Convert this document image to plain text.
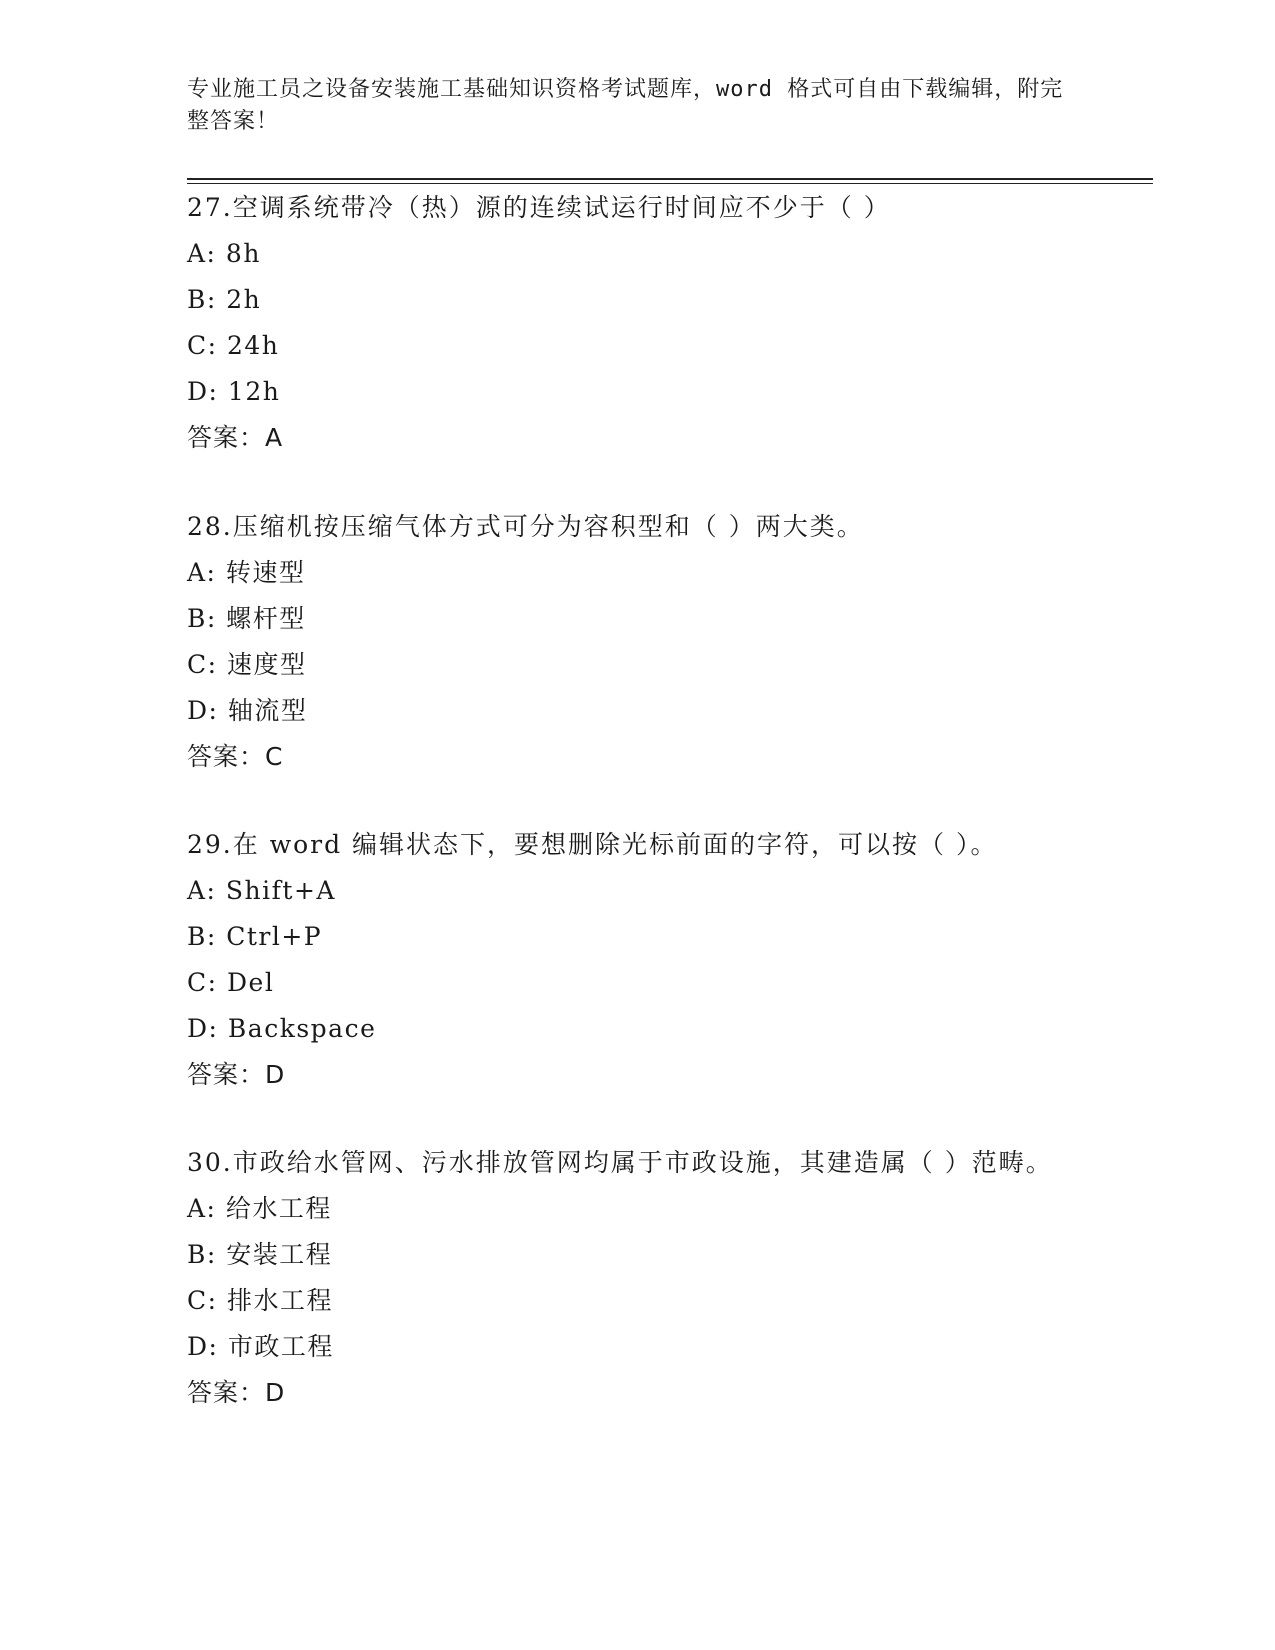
专业施工员之设备安装施工基础知识资格考试题库，word 格式可自由下载编辑，附完整答案！
27.空调系统带冷（热）源的连续试运行时间应不少于（ ）
A: 8h
B: 2h
C: 24h
D: 12h
答案：A
28.压缩机按压缩气体方式可分为容积型和（ ）两大类。
A: 转速型
B: 螺杆型
C: 速度型
D: 轴流型
答案：C
29.在 word 编辑状态下，要想删除光标前面的字符，可以按（ ）。
A: Shift+A
B: Ctrl+P
C: Del
D: Backspace
答案：D
30.市政给水管网、污水排放管网均属于市政设施，其建造属（ ）范畴。
A: 给水工程
B: 安装工程
C: 排水工程
D: 市政工程
答案：D
